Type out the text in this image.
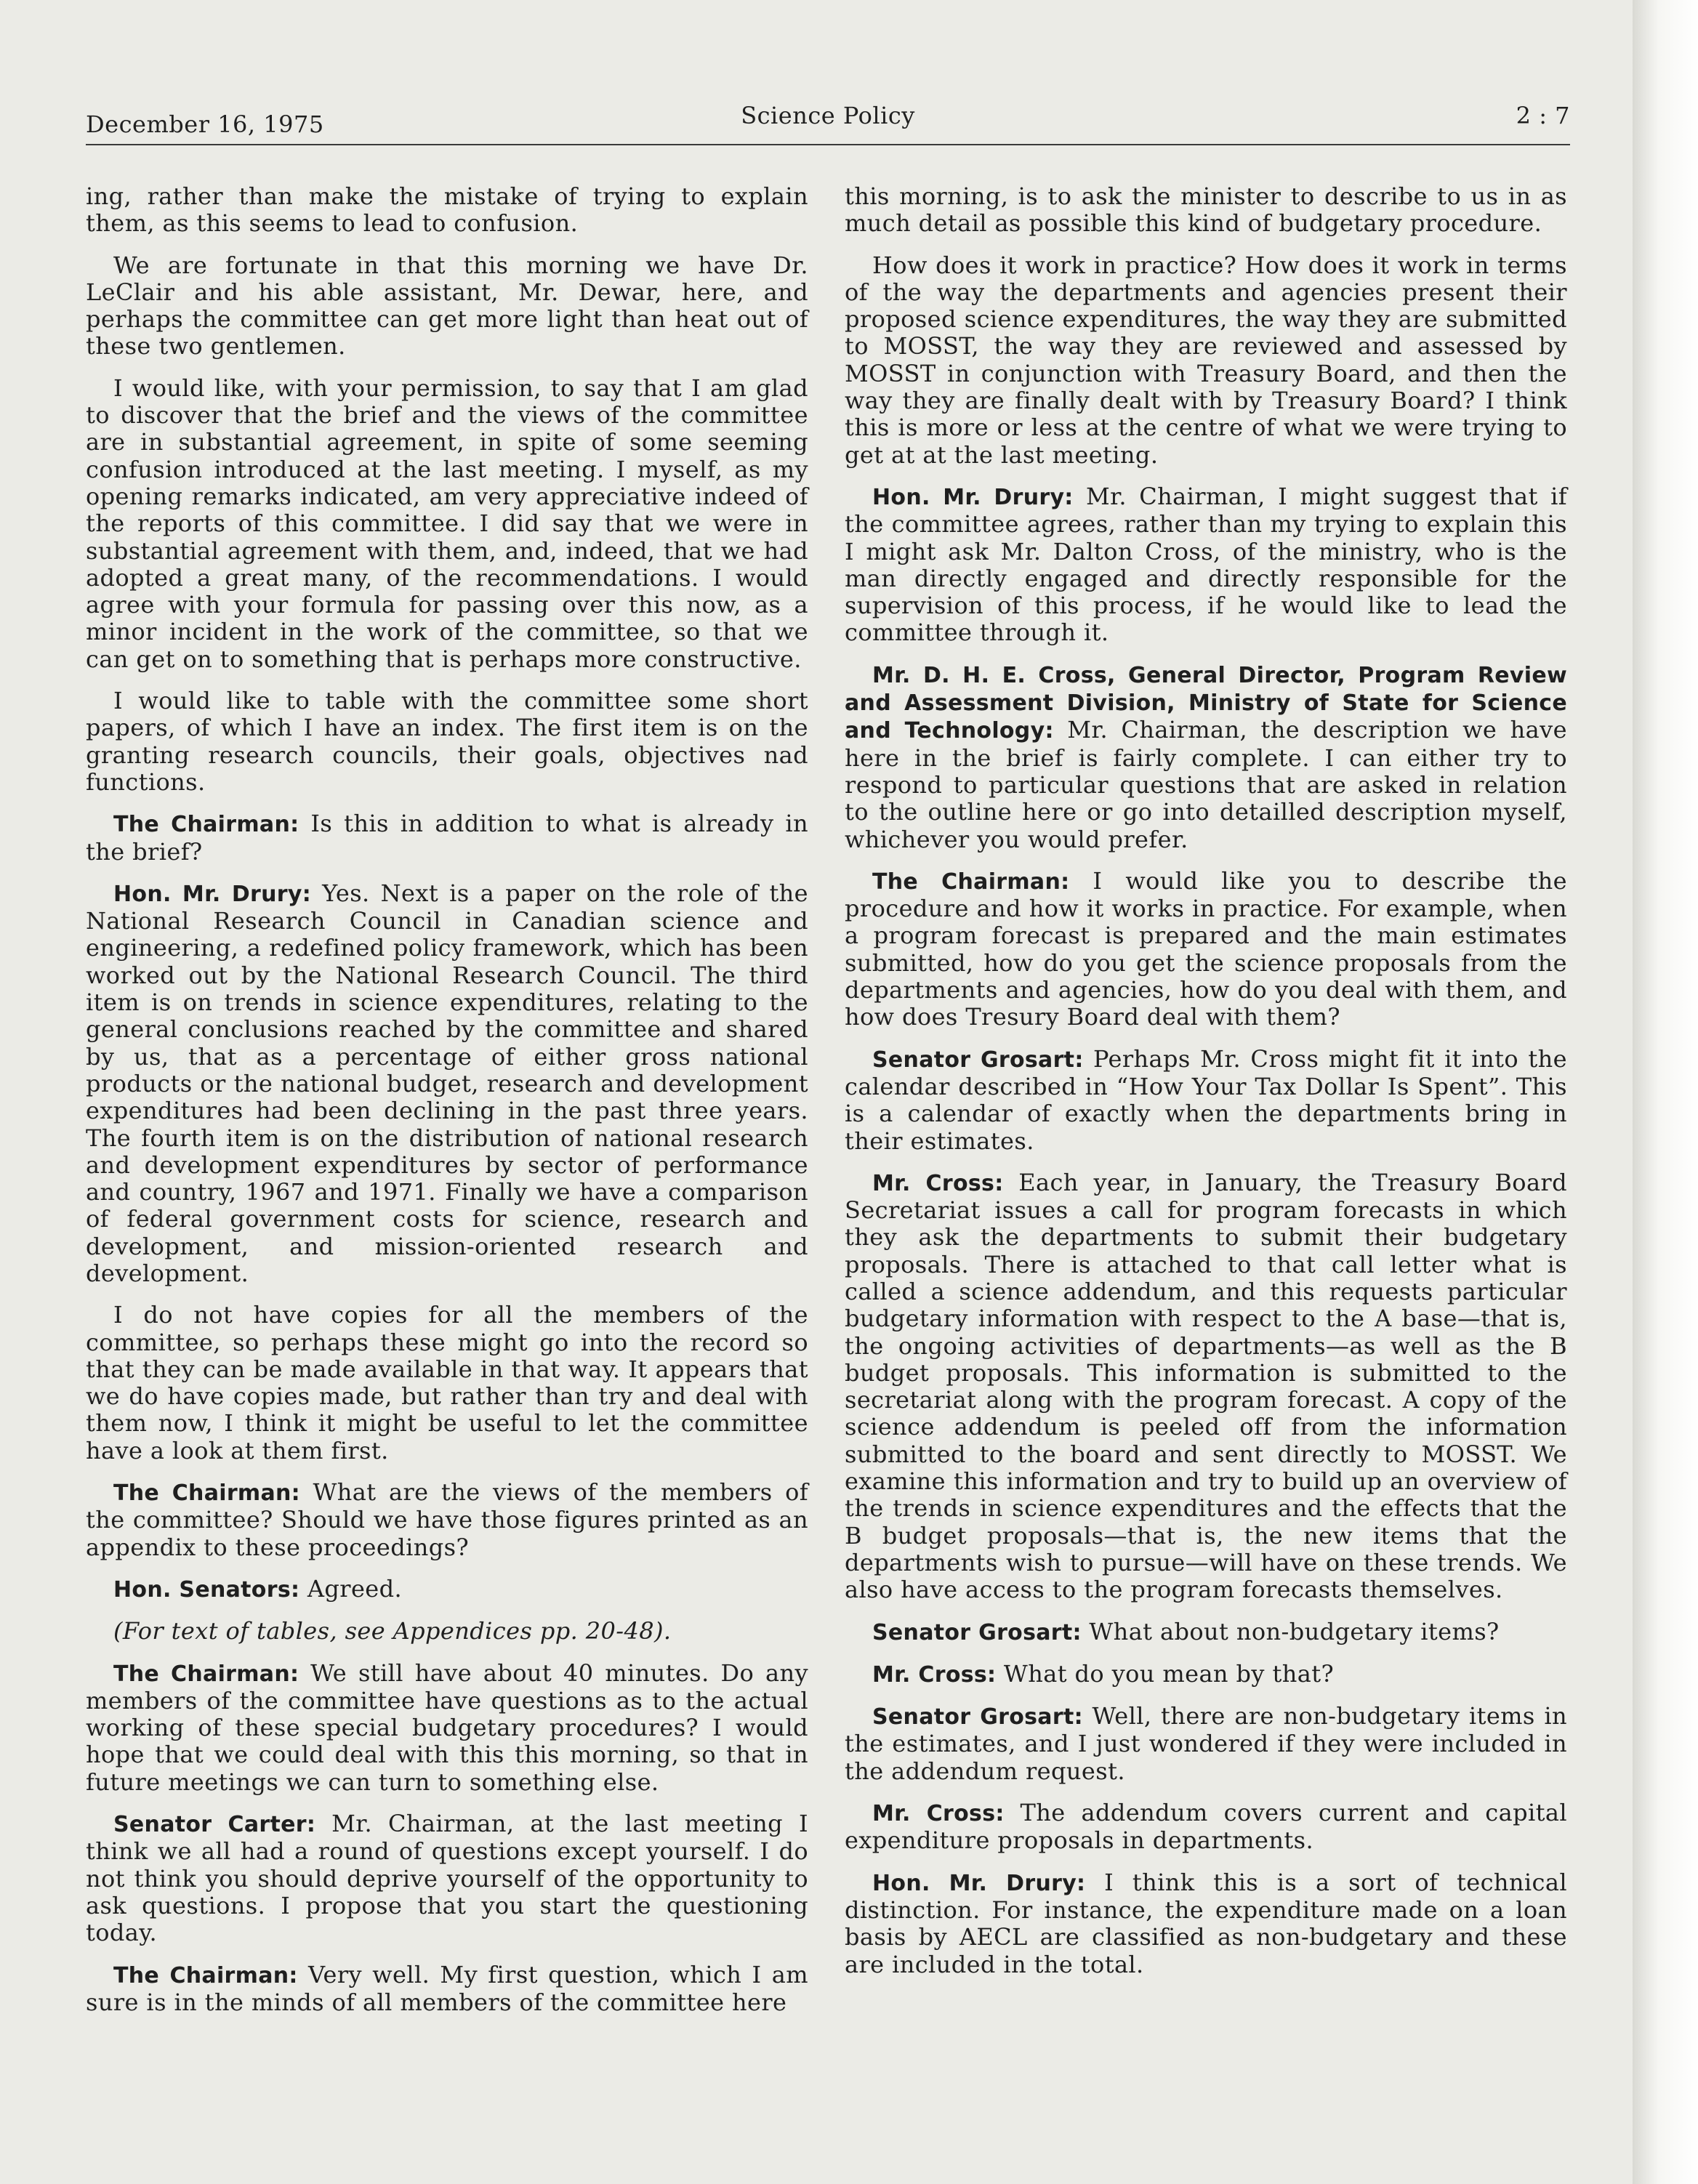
December 16, 1975	Science Policy	2 : 7

ing, rather than make the mistake of trying to explain them, as this seems to lead to confusion.

We are fortunate in that this morning we have Dr. LeClair and his able assistant, Mr. Dewar, here, and perhaps the committee can get more light than heat out of these two gentlemen.

I would like, with your permission, to say that I am glad to discover that the brief and the views of the committee are in substantial agreement, in spite of some seeming confusion introduced at the last meeting. I myself, as my opening remarks indicated, am very appreciative indeed of the reports of this committee. I did say that we were in substantial agreement with them, and, indeed, that we had adopted a great many, of the recommendations. I would agree with your formula for passing over this now, as a minor incident in the work of the committee, so that we can get on to something that is perhaps more constructive.

I would like to table with the committee some short papers, of which I have an index. The first item is on the granting research councils, their goals, objectives nad functions.

The Chairman: Is this in addition to what is already in the brief?

Hon. Mr. Drury: Yes. Next is a paper on the role of the National Research Council in Canadian science and engineering, a redefined policy framework, which has been worked out by the National Research Council. The third item is on trends in science expenditures, relating to the general conclusions reached by the committee and shared by us, that as a percentage of either gross national products or the national budget, research and development expenditures had been declining in the past three years. The fourth item is on the distribution of national research and development expenditures by sector of performance and country, 1967 and 1971. Finally we have a comparison of federal government costs for science, research and development, and mission-oriented research and development.

I do not have copies for all the members of the committee, so perhaps these might go into the record so that they can be made available in that way. It appears that we do have copies made, but rather than try and deal with them now, I think it might be useful to let the committee have a look at them first.

The Chairman: What are the views of the members of the committee? Should we have those figures printed as an appendix to these proceedings?

Hon. Senators: Agreed.

(For text of tables, see Appendices pp. 20-48).

The Chairman: We still have about 40 minutes. Do any members of the committee have questions as to the actual working of these special budgetary procedures? I would hope that we could deal with this this morning, so that in future meetings we can turn to something else.

Senator Carter: Mr. Chairman, at the last meeting I think we all had a round of questions except yourself. I do not think you should deprive yourself of the opportunity to ask questions. I propose that you start the questioning today.

The Chairman: Very well. My first question, which I am sure is in the minds of all members of the committee here

this morning, is to ask the minister to describe to us in as much detail as possible this kind of budgetary procedure.

How does it work in practice? How does it work in terms of the way the departments and agencies present their proposed science expenditures, the way they are submitted to MOSST, the way they are reviewed and assessed by MOSST in conjunction with Treasury Board, and then the way they are finally dealt with by Treasury Board? I think this is more or less at the centre of what we were trying to get at at the last meeting.

Hon. Mr. Drury: Mr. Chairman, I might suggest that if the committee agrees, rather than my trying to explain this I might ask Mr. Dalton Cross, of the ministry, who is the man directly engaged and directly responsible for the supervision of this process, if he would like to lead the committee through it.

Mr. D. H. E. Cross, General Director, Program Review and Assessment Division, Ministry of State for Science and Technology: Mr. Chairman, the description we have here in the brief is fairly complete. I can either try to respond to particular questions that are asked in relation to the outline here or go into detailled description myself, whichever you would prefer.

The Chairman: I would like you to describe the procedure and how it works in practice. For example, when a program forecast is prepared and the main estimates submitted, how do you get the science proposals from the departments and agencies, how do you deal with them, and how does Tresury Board deal with them?

Senator Grosart: Perhaps Mr. Cross might fit it into the calendar described in “How Your Tax Dollar Is Spent”. This is a calendar of exactly when the departments bring in their estimates.

Mr. Cross: Each year, in January, the Treasury Board Secretariat issues a call for program forecasts in which they ask the departments to submit their budgetary proposals. There is attached to that call letter what is called a science addendum, and this requests particular budgetary information with respect to the A base—that is, the ongoing activities of departments—as well as the B budget proposals. This information is submitted to the secretariat along with the program forecast. A copy of the science addendum is peeled off from the information submitted to the board and sent directly to MOSST. We examine this information and try to build up an overview of the trends in science expenditures and the effects that the B budget proposals—that is, the new items that the departments wish to pursue—will have on these trends. We also have access to the program forecasts themselves.

Senator Grosart: What about non-budgetary items?

Mr. Cross: What do you mean by that?

Senator Grosart: Well, there are non-budgetary items in the estimates, and I just wondered if they were included in the addendum request.

Mr. Cross: The addendum covers current and capital expenditure proposals in departments.

Hon. Mr. Drury: I think this is a sort of technical distinction. For instance, the expenditure made on a loan basis by AECL are classified as non-budgetary and these are included in the total.
